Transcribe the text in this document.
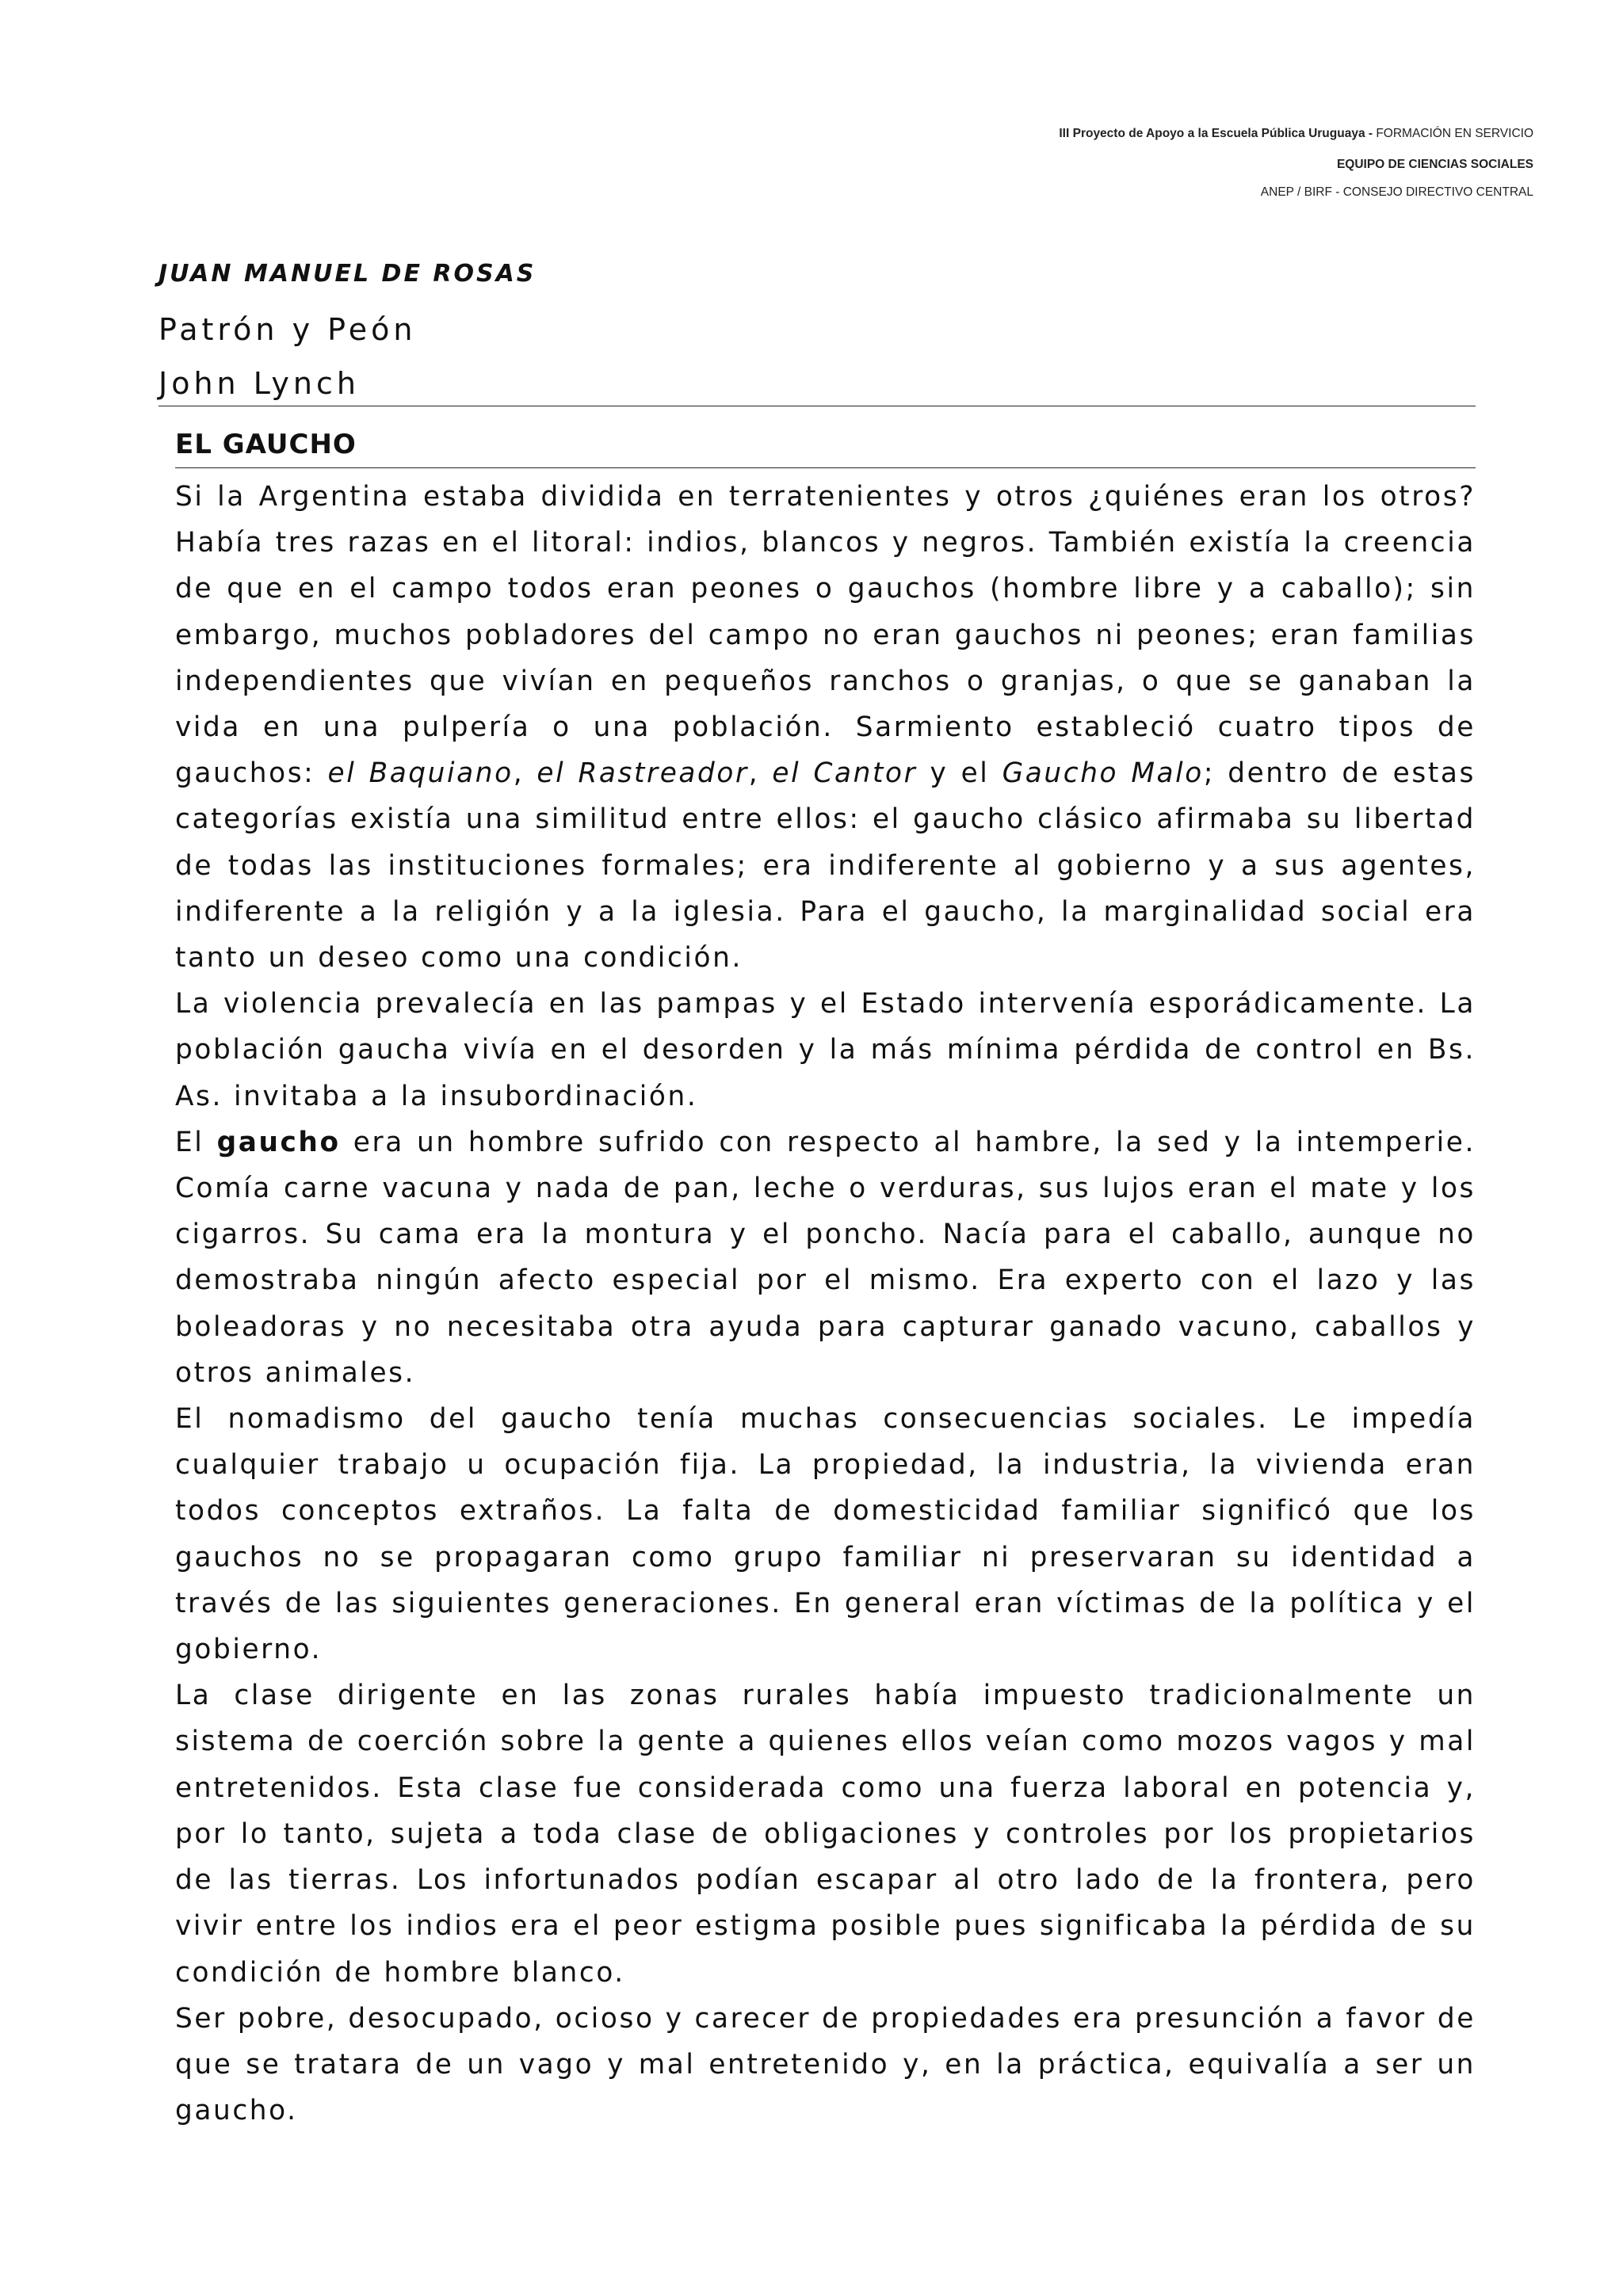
III Proyecto de Apoyo a la Escuela Pública Uruguaya - FORMACIÓN EN SERVICIO
EQUIPO DE CIENCIAS SOCIALES
ANEP / BIRF - CONSEJO DIRECTIVO CENTRAL
JUAN MANUEL DE ROSAS
Patrón y Peón
John Lynch
EL GAUCHO

Si la Argentina estaba dividida en terratenientes y otros ¿quiénes eran los otros? Había tres razas en el litoral: indios, blancos y negros. También existía la creencia de que en el campo todos eran peones o gauchos (hombre libre y a caballo); sin embargo, muchos pobladores del campo no eran gauchos ni peones; eran familias independientes que vivían en pequeños ranchos o granjas, o que se ganaban la vida en una pulpería o una población. Sarmiento estableció cuatro tipos de gauchos: el Baquiano, el Rastreador, el Cantor y el Gaucho Malo; dentro de estas categorías existía una similitud entre ellos: el gaucho clásico afirmaba su libertad de todas las instituciones formales; era indiferente al gobierno y a sus agentes, indiferente a la religión y a la iglesia. Para el gaucho, la marginalidad social era tanto un deseo como una condición.

La violencia prevalecía en las pampas y el Estado intervenía esporádicamente. La población gaucha vivía en el desorden y la más mínima pérdida de control en Bs. As. invitaba a la insubordinación.

El gaucho era un hombre sufrido con respecto al hambre, la sed y la intemperie. Comía carne vacuna y nada de pan, leche o verduras, sus lujos eran el mate y los cigarros. Su cama era la montura y el poncho. Nacía para el caballo, aunque no demostraba ningún afecto especial por el mismo. Era experto con el lazo y las boleadoras y no necesitaba otra ayuda para capturar ganado vacuno, caballos y otros animales.

El nomadismo del gaucho tenía muchas consecuencias sociales. Le impedía cualquier trabajo u ocupación fija. La propiedad, la industria, la vivienda eran todos conceptos extraños. La falta de domesticidad familiar significó que los gauchos no se propagaran como grupo familiar ni preservaran su identidad a través de las siguientes generaciones. En general eran víctimas de la política y el gobierno.

La clase dirigente en las zonas rurales había impuesto tradicionalmente un sistema de coerción sobre la gente a quienes ellos veían como mozos vagos y mal entretenidos. Esta clase fue considerada como una fuerza laboral en potencia y, por lo tanto, sujeta a toda clase de obligaciones y controles por los propietarios de las tierras. Los infortunados podían escapar al otro lado de la frontera, pero vivir entre los indios era el peor estigma posible pues significaba la pérdida de su condición de hombre blanco.

Ser pobre, desocupado, ocioso y carecer de propiedades era presunción a favor de que se tratara de un vago y mal entretenido y, en la práctica, equivalía a ser un gaucho.
